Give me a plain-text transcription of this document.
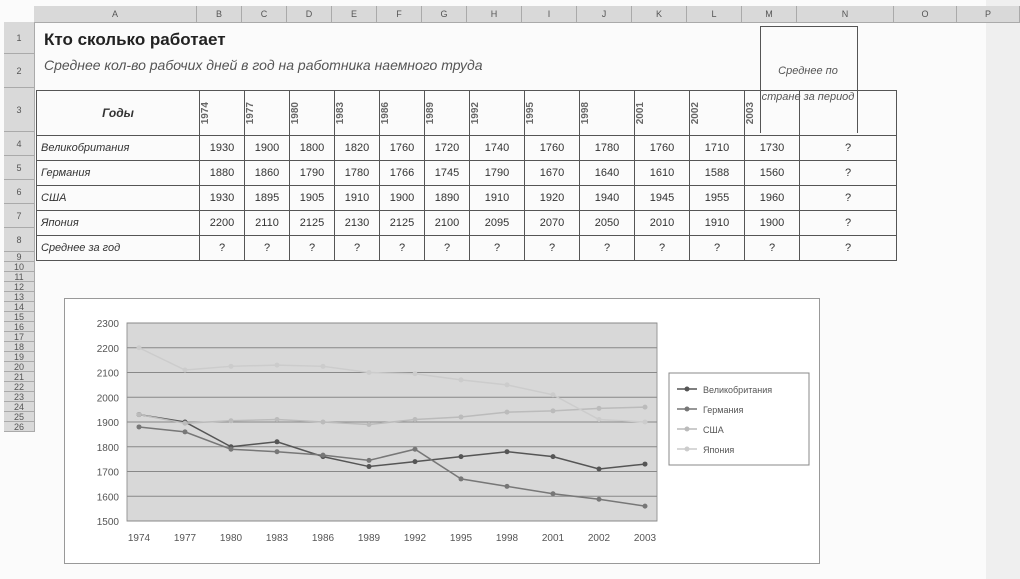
A	B	C	D	E	F	G	H	I	J	K	L	M	N	O	P
1
2
3
4
5
6
7
8
9
10
11
12
13
14
15
16
17
18
19
20
21
22
23
24
25
26
Кто сколько работает
Среднее кол-во рабочих дней в год на работника наемного труда	Среднее по стране за период
Годы	1974	1977	1980	1983	1986	1989	1992	1995	1998	2001	2002	2003	

Великобритания	1930	1900	1800	1820	1760	1720	1740	1760	1780	1760	1710	1730	?
Германия	1880	1860	1790	1780	1766	1745	1790	1670	1640	1610	1588	1560	?
США	1930	1895	1905	1910	1900	1890	1910	1920	1940	1945	1955	1960	?
Япония	2200	2110	2125	2130	2125	2100	2095	2070	2050	2010	1910	1900	?
Среднее за год	?	?	?	?	?	?	?	?	?	?	?	?	?
1500
1600
1700
1800
1900
2000
2100
2200
2300
1974 1977 1980 1983 1986 1989 1992 1995 1998 2001 2002 2003
Великобритания
Германия
США
Япония
